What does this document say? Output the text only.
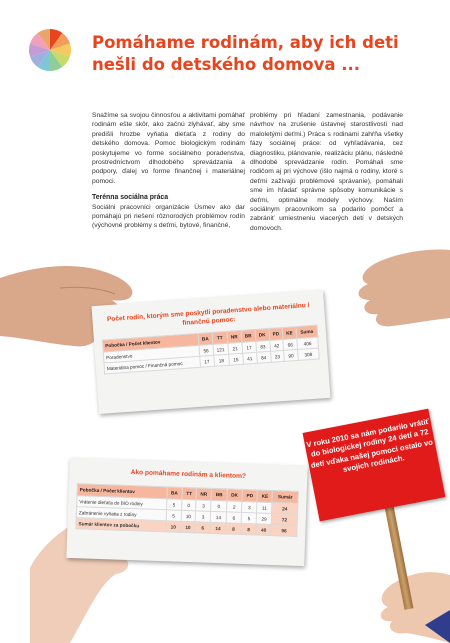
Pomáhame rodinám, aby ich deti nešli do detského domova ...

Snažíme sa svojou činnosťou a aktivitami pomáhať rodinám ešte skôr, ako začnú zlyhávať, aby sme predišli hrozbe vyňatia dieťaťa z rodiny do detského domova. Pomoc biologickým rodinám poskytujeme vo forme sociálneho poradenstva, prostredníctvom dlhodobého sprevádzania a podpory, ďalej vo forme finančnej i materiálnej pomoci.

Terénna sociálna práca

Sociálni pracovníci organizácie Úsmev ako dar pomáhajú pri riešení rôznorodých problémov rodín (výchovné problémy s deťmi, bytové, finančné,

problémy pri hľadaní zamestnania, podávanie návrhov na zrušenie ústavnej starostlivosti nad maloletými deťmi.) Práca s rodinami zahŕňa všetky fázy sociálnej práce: od vyhľadávania, cez diagnostiku, plánovanie, realizáciu plánu, následné dlhodobé sprevádzanie rodín. Pomáhali sme rodičom aj pri výchove (išlo najmä o rodiny, ktoré s deťmi zažívajú problémové správanie), pomáhali sme im hľadať správne spôsoby komunikácie s deťmi, optimálne modely výchovy. Naším sociálnym pracovníkom sa podarilo pomôcť a zabrániť umiestneniu viacerých detí v detských domovoch.

Počet rodín, ktorým sme poskytli poradenstvo alebo materiálnu / finančnú pomoc:
Pobočka / Počet klientov	BA	TT	NR	BB	DK	PD	KE	Suma
Poradenstvo	56	121	21	17	83	42	66	406
Materiálna pomoc / Finančná pomoc	17	18	15	41	84	23	90	308
Ako pomáhame rodinám a klientom?
Pobočka / Počet klientov	BA	TT	NR	BB	DK	PD	KE	Sumár
Vrátenie dieťaťa do BIO rodiny	5	0	3	0	2	3	11	24
Zabránenie vyňatia z rodiny	5	10	3	14	6	5	29	72
Sumár klientov za pobočku	10	10	6	14	8	8	40	96
V roku 2010 sa nám podarilo vrátiť do biologickej rodiny 24 detí a 72 detí vďaka našej pomoci ostalo vo svojich rodinách.
